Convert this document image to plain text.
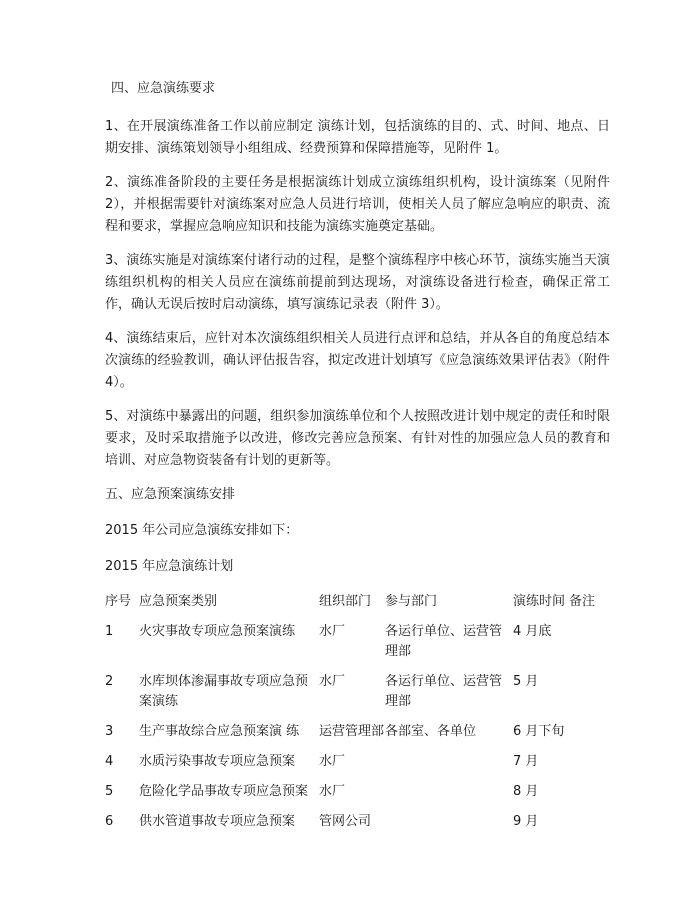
四、应急演练要求

1、在开展演练准备工作以前应制定 演练计划，包括演练的目的、式、时间、地点、日期安排、演练策划领导小组组成、经费预算和保障措施等，见附件 1。

2、演练准备阶段的主要任务是根据演练计划成立演练组织机构，设计演练案（见附件 2），并根据需要针对演练案对应急人员进行培训，使相关人员了解应急响应的职责、流程和要求，掌握应急响应知识和技能为演练实施奠定基础。

3、演练实施是对演练案付诸行动的过程，是整个演练程序中核心环节，演练实施当天演练组织机构的相关人员应在演练前提前到达现场，对演练设备进行检查，确保正常工作，确认无误后按时启动演练，填写演练记录表（附件 3）。

4、演练结束后，应针对本次演练组织相关人员进行点评和总结，并从各自的角度总结本次演练的经验教训，确认评估报告容，拟定改进计划填写《应急演练效果评估表》（附件 4）。

5、对演练中暴露出的问题，组织参加演练单位和个人按照改进计划中规定的责任和时限要求，及时采取措施予以改进，修改完善应急预案、有针对性的加强应急人员的教育和培训、对应急物资装备有计划的更新等。

五、应急预案演练安排
2015 年公司应急演练安排如下：
2015 年应急演练计划
序号	应急预案类别	组织部门	参与部门	演练时间	备注
1	火灾事故专项应急预案演练	水厂	各运行单位、运营管理部	4 月底	
2	水库坝体渗漏事故专项应急预案演练	水厂	各运行单位、运营管理部	5 月	
3	生产事故综合应急预案演 练	运营管理部	各部室、各单位	6 月下旬	
4	水质污染事故专项应急预案	水厂		7 月	
5	危险化学品事故专项应急预案	水厂		8 月	
6	供水管道事故专项应急预案	管网公司		9 月	
